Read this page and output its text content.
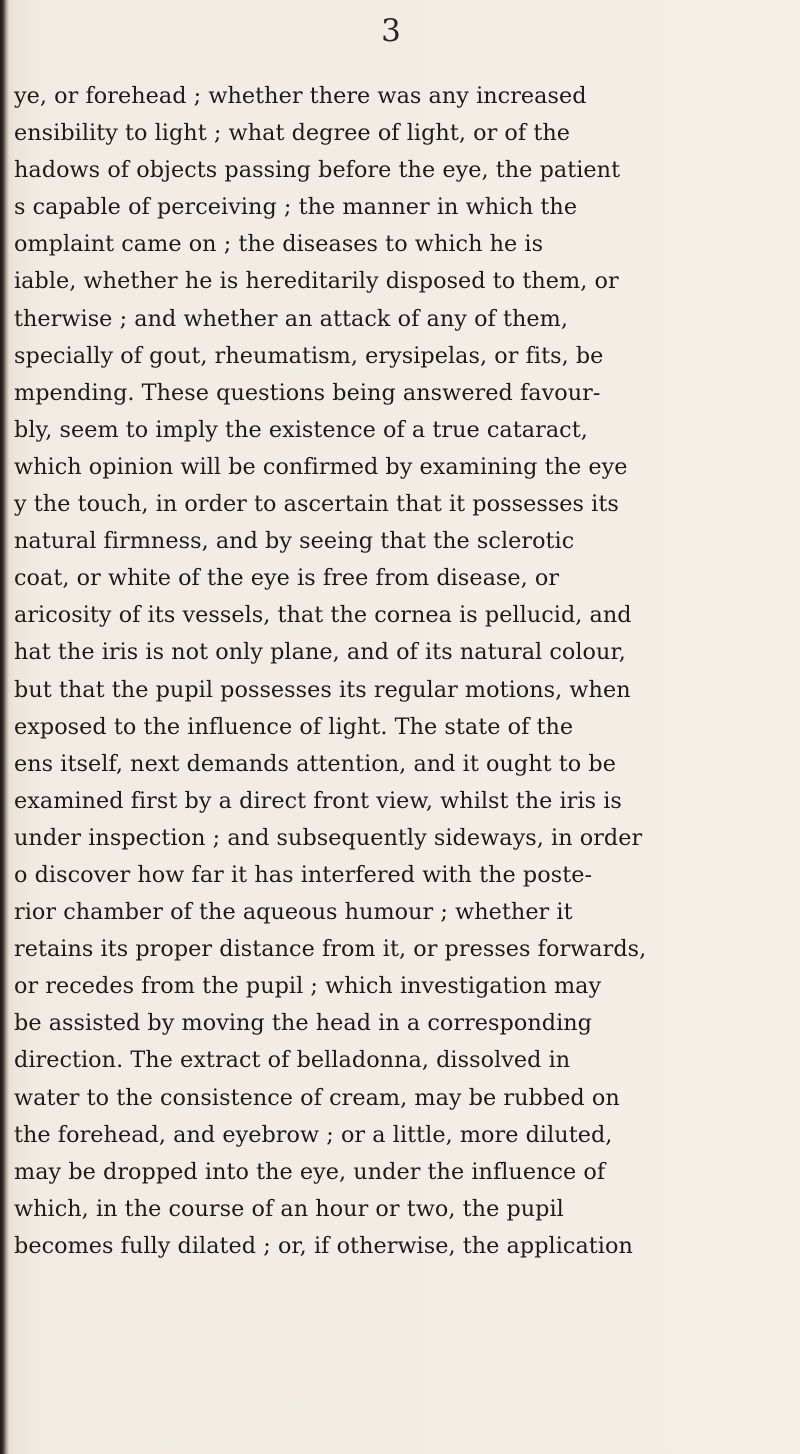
3
ye, or forehead ; whether there was any increased
ensibility to light ; what degree of light, or of the
hadows of objects passing before the eye, the patient
s capable of perceiving ; the manner in which the
omplaint came on ; the diseases to which he is
iable, whether he is hereditarily disposed to them, or
therwise ; and whether an attack of any of them,
specially of gout, rheumatism, erysipelas, or fits, be
mpending. These questions being answered favour-
bly, seem to imply the existence of a true cataract,
which opinion will be confirmed by examining the eye
y the touch, in order to ascertain that it possesses its
natural firmness, and by seeing that the sclerotic
coat, or white of the eye is free from disease, or
aricosity of its vessels, that the cornea is pellucid, and
hat the iris is not only plane, and of its natural colour,
but that the pupil possesses its regular motions, when
exposed to the influence of light. The state of the
ens itself, next demands attention, and it ought to be
examined first by a direct front view, whilst the iris is
under inspection ; and subsequently sideways, in order
o discover how far it has interfered with the poste-
rior chamber of the aqueous humour ; whether it
retains its proper distance from it, or presses forwards,
or recedes from the pupil ; which investigation may
be assisted by moving the head in a corresponding
direction. The extract of belladonna, dissolved in
water to the consistence of cream, may be rubbed on
the forehead, and eyebrow ; or a little, more diluted,
may be dropped into the eye, under the influence of
which, in the course of an hour or two, the pupil
becomes fully dilated ; or, if otherwise, the application
